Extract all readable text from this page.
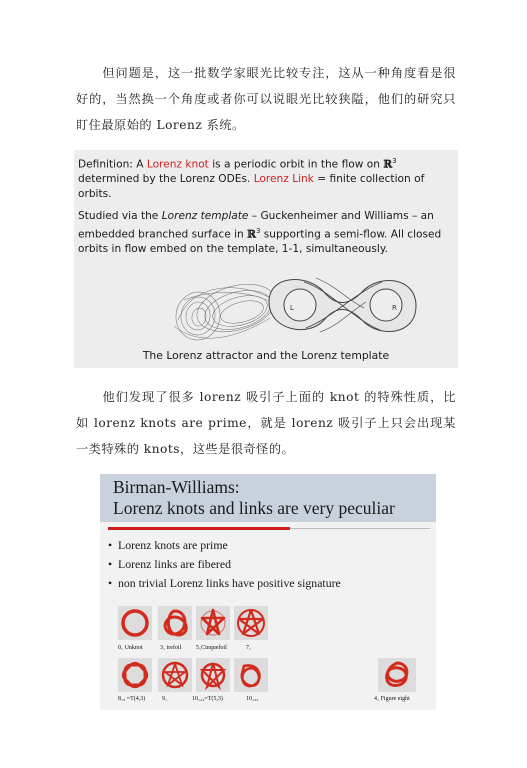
但问题是，这一批数学家眼光比较专注，这从一种角度看是很好的，当然换一个角度或者你可以说眼光比较狭隘，他们的研究只盯住最原始的 Lorenz 系统。

Definition: A Lorenz knot is a periodic orbit in the flow on ℝ$^3$ determined by the Lorenz ODEs. Lorenz Link = finite collection of orbits.

Studied via the Lorenz template – Guckenheimer and Williams – an embedded branched surface in ℝ$^3$ supporting a semi-flow. All closed orbits in flow embed on the template, 1-1, simultaneously.

L	R
The Lorenz attractor and the Lorenz template
他们发现了很多 lorenz 吸引子上面的 knot 的特殊性质，比如 lorenz knots are prime，就是 lorenz 吸引子上只会出现某一类特殊的 knots，这些是很奇怪的。
Birman-Williams:
Lorenz knots and links are very peculiar
• Lorenz knots are prime
• Lorenz links are fibered
• non trivial Lorenz links have positive signature
0₁ Unknot	3₁ trefoil 5₁Cinquefoil	7₁
8₁₉ =T(4,3)	9₁	10₁₂₄=T(5,3)	10₁₃₂	4₁ Figure eight
